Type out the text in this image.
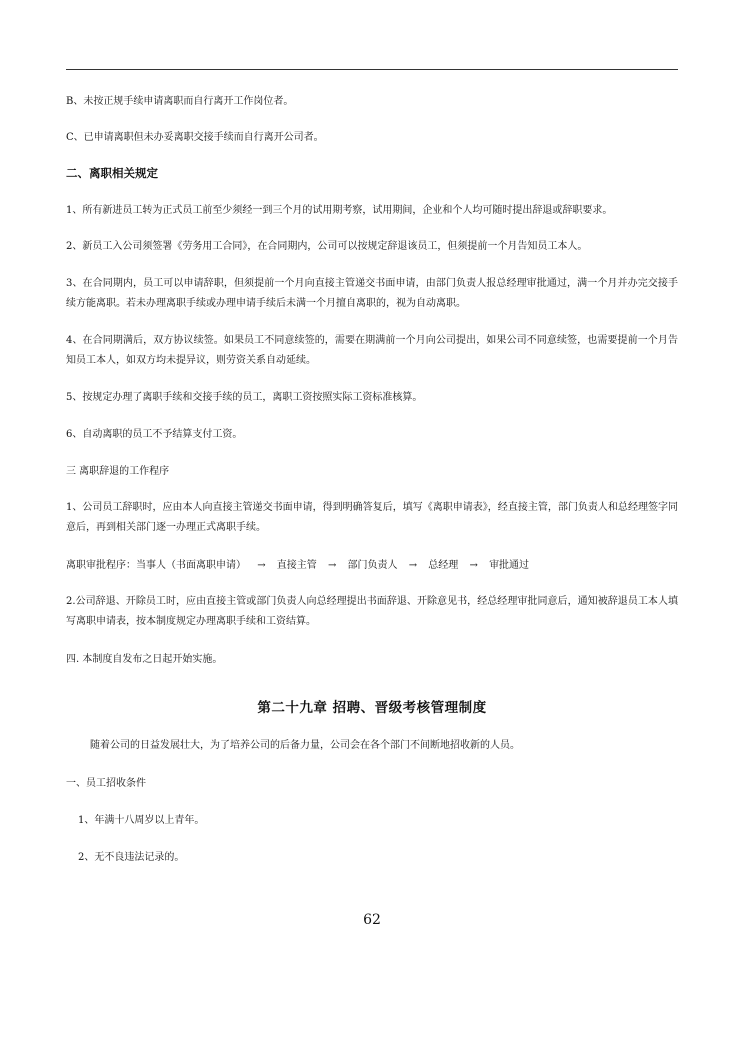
B、未按正规手续申请离职而自行离开工作岗位者。
C、已申请离职但未办妥离职交接手续而自行离开公司者。
二、离职相关规定
1、所有新进员工转为正式员工前至少须经一到三个月的试用期考察，试用期间，企业和个人均可随时提出辞退或辞职要求。
2、新员工入公司须签署《劳务用工合同》，在合同期内，公司可以按规定辞退该员工，但须提前一个月告知员工本人。
3、在合同期内，员工可以申请辞职，但须提前一个月向直接主管递交书面申请，由部门负责人报总经理审批通过，满一个月并办完交接手续方能离职。若未办理离职手续或办理申请手续后未满一个月擅自离职的，视为自动离职。
4、在合同期满后，双方协议续签。如果员工不同意续签的，需要在期满前一个月向公司提出，如果公司不同意续签，也需要提前一个月告知员工本人，如双方均未提异议，则劳资关系自动延续。
5、按规定办理了离职手续和交接手续的员工，离职工资按照实际工资标准核算。
6、自动离职的员工不予结算支付工资。
三 离职辞退的工作程序
1、公司员工辞职时，应由本人向直接主管递交书面申请，得到明确答复后，填写《离职申请表》，经直接主管，部门负责人和总经理签字同意后，再到相关部门逐一办理正式离职手续。
离职审批程序：当事人（书面离职申请） → 直接主管 → 部门负责人 → 总经理 → 审批通过
2.公司辞退、开除员工时，应由直接主管或部门负责人向总经理提出书面辞退、开除意见书，经总经理审批同意后，通知被辞退员工本人填写离职申请表，按本制度规定办理离职手续和工资结算。
四. 本制度自发布之日起开始实施。
第二十九章 招聘、晋级考核管理制度
随着公司的日益发展壮大，为了培养公司的后备力量，公司会在各个部门不间断地招收新的人员。
一、员工招收条件
1、年满十八周岁以上青年。
2、无不良违法记录的。
62
